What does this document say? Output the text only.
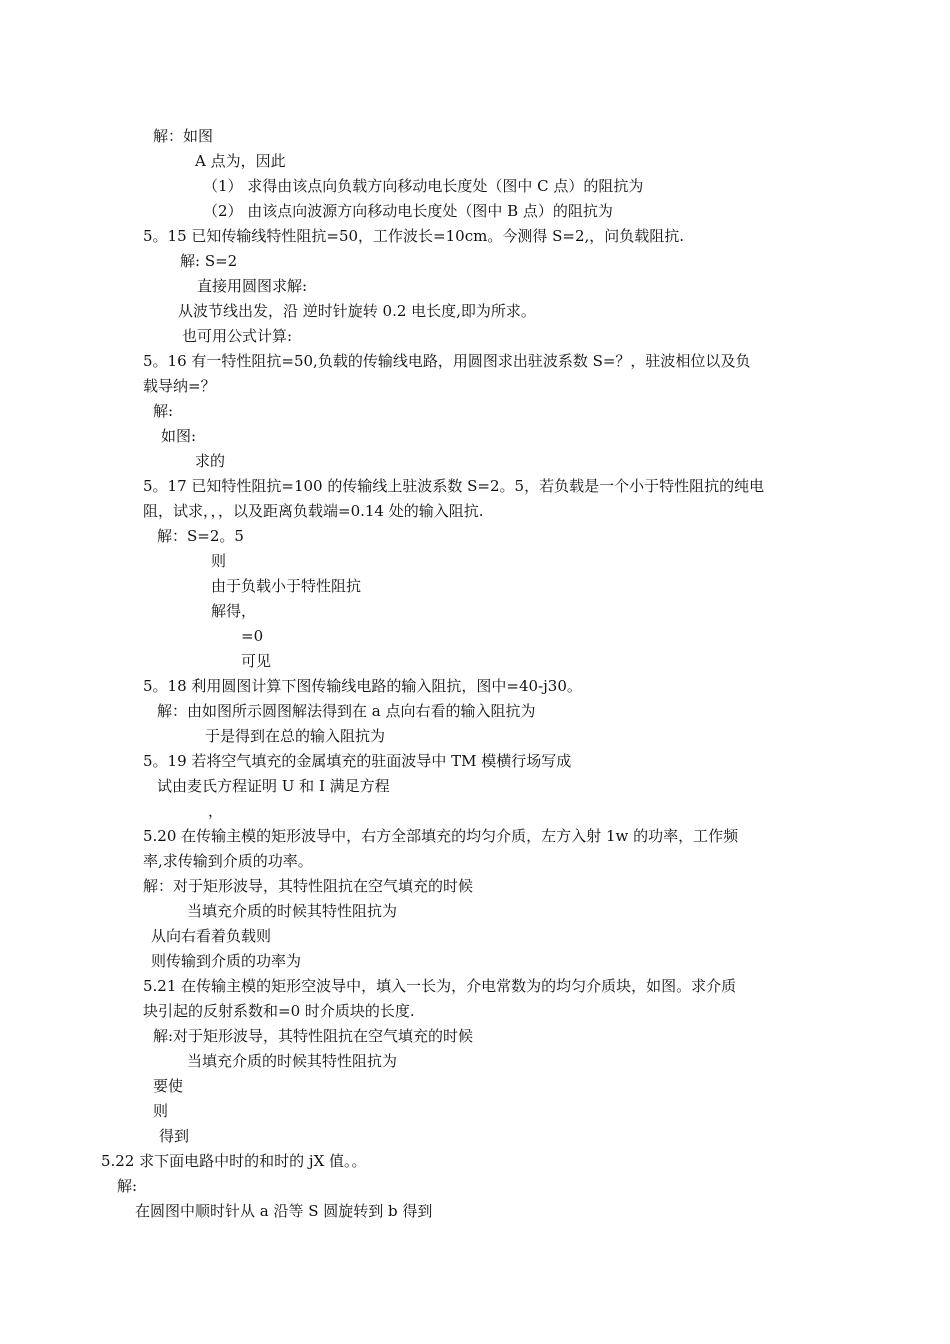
解：如图
A 点为，因此
（1） 求得由该点向负载方向移动电长度处（图中 C 点）的阻抗为
（2） 由该点向波源方向移动电长度处（图中 B 点）的阻抗为
5。15 已知传输线特性阻抗=50，工作波长=10cm。今测得 S=2,，问负载阻抗.
解: S=2
直接用圆图求解:
从波节线出发，沿 逆时针旋转 0.2 电长度,即为所求。
也可用公式计算:
5。16 有一特性阻抗=50,负载的传输线电路，用圆图求出驻波系数 S=？，驻波相位以及负
载导纳=？
解:
如图:
求的
5。17 已知特性阻抗=100 的传输线上驻波系数 S=2。5，若负载是一个小于特性阻抗的纯电
阻，试求，，，以及距离负载端=0.14 处的输入阻抗.
解：S=2。5
则
由于负载小于特性阻抗
解得，
=0
可见
5。18 利用圆图计算下图传输线电路的输入阻抗，图中=40-j30。
解：由如图所示圆图解法得到在 a 点向右看的输入阻抗为
于是得到在总的输入阻抗为
5。19 若将空气填充的金属填充的驻面波导中 TM 模横行场写成
试由麦氏方程证明 U 和 I 满足方程
，
5.20 在传输主模的矩形波导中，右方全部填充的均匀介质，左方入射 1w 的功率，工作频
率,求传输到介质的功率。
解：对于矩形波导，其特性阻抗在空气填充的时候
当填充介质的时候其特性阻抗为
从向右看着负载则
则传输到介质的功率为
5.21 在传输主模的矩形空波导中，填入一长为，介电常数为的均匀介质块，如图。求介质
块引起的反射系数和=0 时介质块的长度.
解:对于矩形波导，其特性阻抗在空气填充的时候
当填充介质的时候其特性阻抗为
要使
则
得到
5.22 求下面电路中时的和时的 jX 值。。
解:
在圆图中顺时针从 a 沿等 S 圆旋转到 b 得到
